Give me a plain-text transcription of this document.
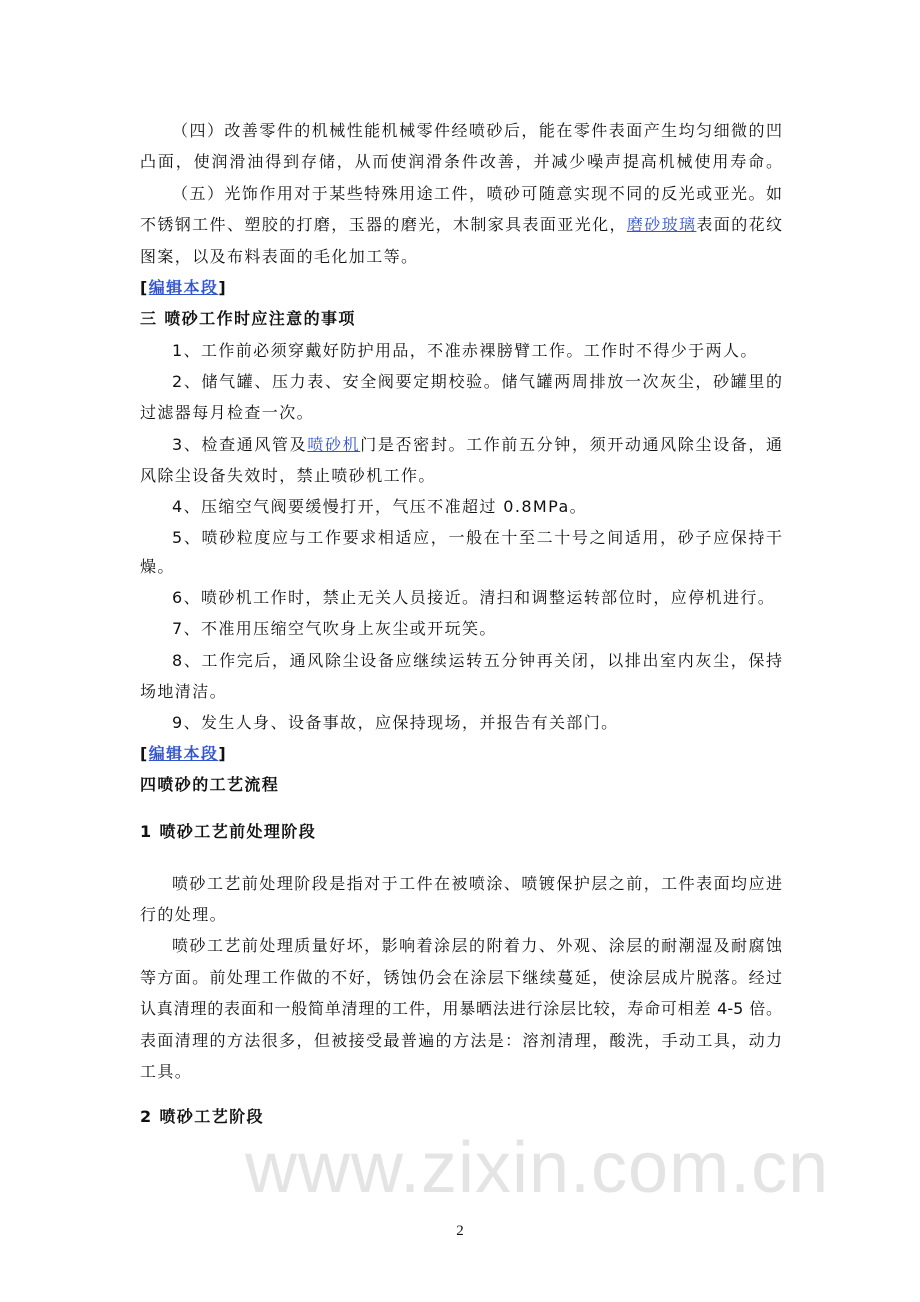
www.zixin.com.cn
（四）改善零件的机械性能机械零件经喷砂后，能在零件表面产生均匀细微的凹
凸面，使润滑油得到存储，从而使润滑条件改善，并减少噪声提高机械使用寿命。
（五）光饰作用对于某些特殊用途工件，喷砂可随意实现不同的反光或亚光。如
不锈钢工件、塑胶的打磨，玉器的磨光，木制家具表面亚光化，磨砂玻璃表面的花纹
图案，以及布料表面的毛化加工等。
[编辑本段]
三 喷砂工作时应注意的事项
1、工作前必须穿戴好防护用品，不准赤裸膀臂工作。工作时不得少于两人。
2、储气罐、压力表、安全阀要定期校验。储气罐两周排放一次灰尘，砂罐里的
过滤器每月检查一次。
3、检查通风管及喷砂机门是否密封。工作前五分钟，须开动通风除尘设备，通
风除尘设备失效时，禁止喷砂机工作。
4、压缩空气阀要缓慢打开，气压不准超过 0.8MPa。
5、喷砂粒度应与工作要求相适应，一般在十至二十号之间适用，砂子应保持干
燥。
6、喷砂机工作时，禁止无关人员接近。清扫和调整运转部位时，应停机进行。
7、不准用压缩空气吹身上灰尘或开玩笑。
8、工作完后，通风除尘设备应继续运转五分钟再关闭，以排出室内灰尘，保持
场地清洁。
9、发生人身、设备事故，应保持现场，并报告有关部门。
[编辑本段]
四喷砂的工艺流程
1 喷砂工艺前处理阶段
喷砂工艺前处理阶段是指对于工件在被喷涂、喷镀保护层之前，工件表面均应进
行的处理。
喷砂工艺前处理质量好坏，影响着涂层的附着力、外观、涂层的耐潮湿及耐腐蚀
等方面。前处理工作做的不好，锈蚀仍会在涂层下继续蔓延，使涂层成片脱落。经过
认真清理的表面和一般简单清理的工件，用暴晒法进行涂层比较，寿命可相差 4-5 倍。
表面清理的方法很多，但被接受最普遍的方法是：溶剂清理，酸洗，手动工具，动力
工具。
2 喷砂工艺阶段
2
